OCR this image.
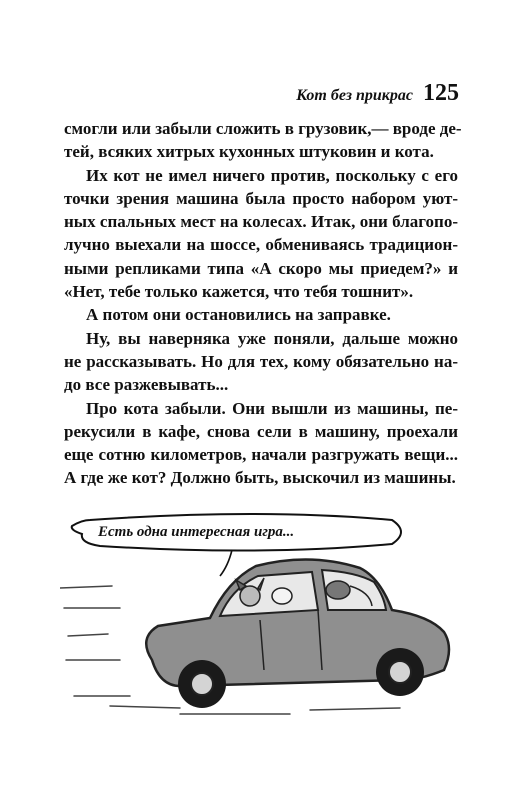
Кот без прикрас 125

смогли или забыли сложить в грузовик,— вроде де-
тей, всяких хитрых кухонных штуковин и кота.

Их кот не имел ничего против, поскольку с его
точки зрения машина была просто набором уют-
ных спальных мест на колесах. Итак, они благопо-
лучно выехали на шоссе, обмениваясь традицион-
ными репликами типа «А скоро мы приедем?» и
«Нет, тебе только кажется, что тебя тошнит».

А потом они остановились на заправке.

Ну, вы наверняка уже поняли, дальше можно
не рассказывать. Но для тех, кому обязательно на-
до все разжевывать...

Про кота забыли. Они вышли из машины, пе-
рекусили в кафе, снова сели в машину, проехали
еще сотню километров, начали разгружать вещи...
А где же кот? Должно быть, выскочил из машины.

Есть одна интересная игра...
